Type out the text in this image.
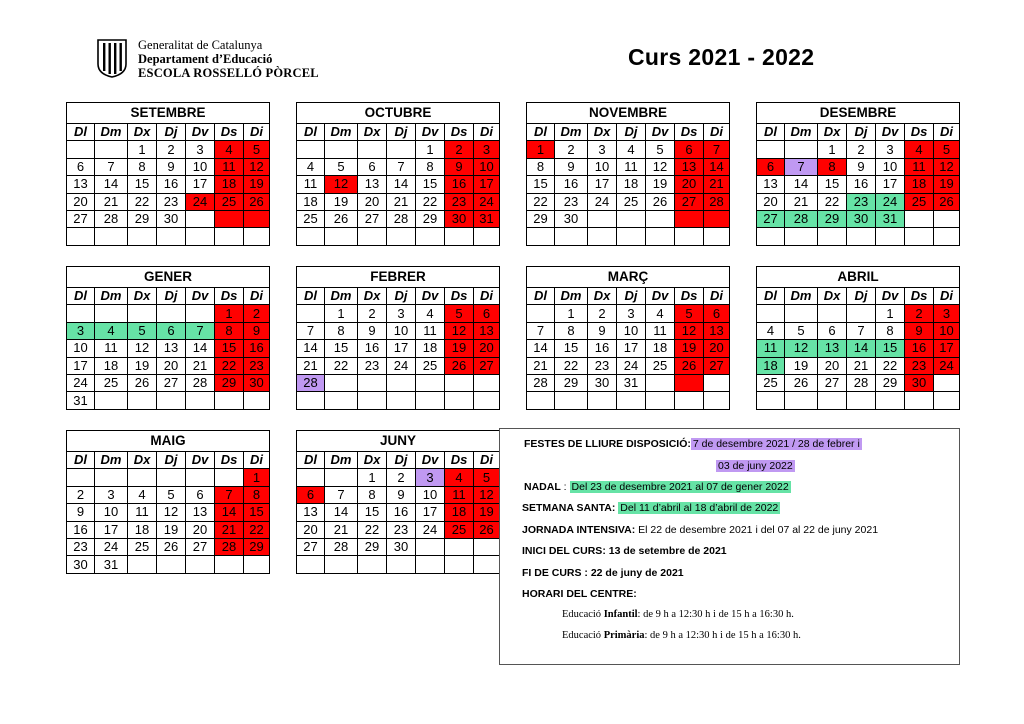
Generalitat de Catalunya
Departament d’Educació
ESCOLA ROSSELLÓ PÒRCEL
Curs 2021 - 2022
SETEMBRE						
Dl	Dm	Dx	Dj	Dv	Ds	Di
		1	2	3	4	5
6	7	8	9	10	11	12
13	14	15	16	17	18	19
20	21	22	23	24	25	26
27	28	29	30			

OCTUBRE						
Dl	Dm	Dx	Dj	Dv	Ds	Di
				1	2	3
4	5	6	7	8	9	10
11	12	13	14	15	16	17
18	19	20	21	22	23	24
25	26	27	28	29	30	31

NOVEMBRE						
Dl	Dm	Dx	Dj	Dv	Ds	Di
1	2	3	4	5	6	7
8	9	10	11	12	13	14
15	16	17	18	19	20	21
22	23	24	25	26	27	28
29	30					

DESEMBRE						
Dl	Dm	Dx	Dj	Dv	Ds	Di
		1	2	3	4	5
6	7	8	9	10	11	12
13	14	15	16	17	18	19
20	21	22	23	24	25	26
27	28	29	30	31		

GENER						
Dl	Dm	Dx	Dj	Dv	Ds	Di
					1	2
3	4	5	6	7	8	9
10	11	12	13	14	15	16
17	18	19	20	21	22	23
24	25	26	27	28	29	30
31						
FEBRER						
Dl	Dm	Dx	Dj	Dv	Ds	Di
	1	2	3	4	5	6
7	8	9	10	11	12	13
14	15	16	17	18	19	20
21	22	23	24	25	26	27
28						

MARÇ						
Dl	Dm	Dx	Dj	Dv	Ds	Di
	1	2	3	4	5	6
7	8	9	10	11	12	13
14	15	16	17	18	19	20
21	22	23	24	25	26	27
28	29	30	31			

ABRIL						
Dl	Dm	Dx	Dj	Dv	Ds	Di
				1	2	3
4	5	6	7	8	9	10
11	12	13	14	15	16	17
18	19	20	21	22	23	24
25	26	27	28	29	30	

MAIG						
Dl	Dm	Dx	Dj	Dv	Ds	Di
						1
2	3	4	5	6	7	8
9	10	11	12	13	14	15
16	17	18	19	20	21	22
23	24	25	26	27	28	29
30	31					
JUNY						
Dl	Dm	Dx	Dj	Dv	Ds	Di
		1	2	3	4	5
6	7	8	9	10	11	12
13	14	15	16	17	18	19
20	21	22	23	24	25	26
27	28	29	30			

FESTES DE LLIURE DISPOSICIÓ: 7 de desembre 2021 / 28 de febrer i
03 de juny 2022
NADAL : Del 23 de desembre 2021 al 07 de gener 2022
SETMANA SANTA: Del 11 d’abril al 18 d’abril de 2022
JORNADA INTENSIVA: El 22 de desembre 2021 i del 07 al 22 de juny 2021
INICI DEL CURS: 13 de setembre de 2021
FI DE CURS : 22 de juny de 2021
HORARI DEL CENTRE:
Educació Infantil: de 9 h a 12:30 h i de 15 h a 16:30 h.
Educació Primària: de 9 h a 12:30 h i de 15 h a 16:30 h.
